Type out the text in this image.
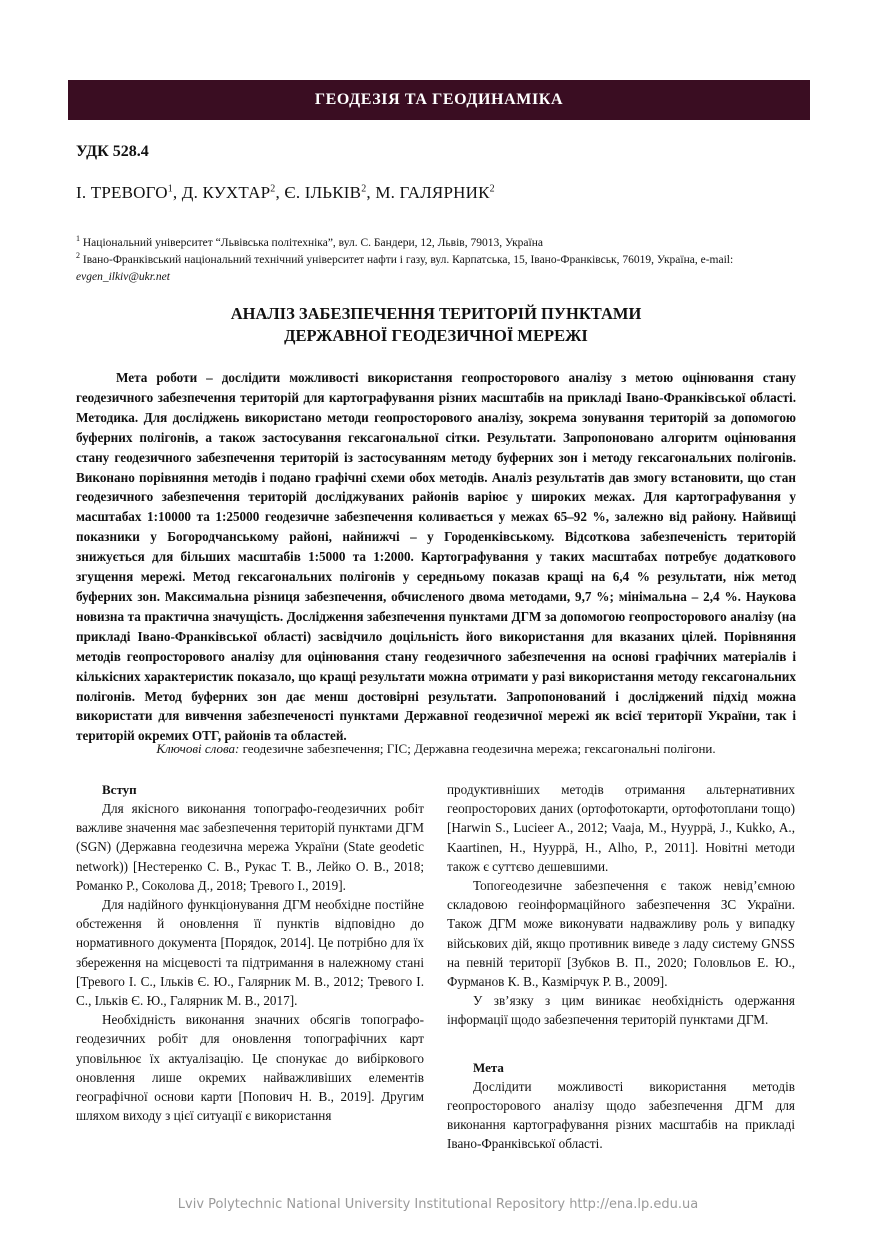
ГЕОДЕЗІЯ ТА ГЕОДИНАМІКА
УДК 528.4
І. ТРЕВОГО$^1$, Д. КУХТАР$^2$, Є. ІЛЬКІВ$^2$, М. ГАЛЯРНИК$^2$
$^1$ Національний університет “Львівська політехніка”, вул. С. Бандери, 12, Львів, 79013, Україна
$^2$ Івано-Франківський національний технічний університет нафти і газу, вул. Карпатська, 15, Івано-Франківськ, 76019, Україна, e-mail: evgen_ilkiv@ukr.net
АНАЛІЗ ЗАБЕЗПЕЧЕННЯ ТЕРИТОРІЙ ПУНКТАМИ
ДЕРЖАВНОЇ ГЕОДЕЗИЧНОЇ МЕРЕЖІ
Мета роботи – дослідити можливості використання геопросторового аналізу з метою оцінювання стану геодезичного забезпечення територій для картографування різних масштабів на прикладі Івано-Франківської області. Методика. Для досліджень використано методи геопросторового аналізу, зокрема зонування територій за допомогою буферних полігонів, а також застосування гексагональної сітки. Результати. Запропоновано алгоритм оцінювання стану геодезичного забезпечення територій із застосуванням методу буферних зон і методу гексагональних полігонів. Виконано порівняння методів і подано графічні схеми обох методів. Аналіз результатів дав змогу встановити, що стан геодезичного забезпечення територій досліджуваних районів варіює у широких межах. Для картографування у масштабах 1:10000 та 1:25000 геодезичне забезпечення коливається у межах 65–92 %, залежно від району. Найвищі показники у Богородчанському районі, найнижчі – у Городенківському. Відсоткова забезпеченість територій знижується для більших масштабів 1:5000 та 1:2000. Картографування у таких масштабах потребує додаткового згущення мережі. Метод гексагональних полігонів у середньому показав кращі на 6,4 % результати, ніж метод буферних зон. Максимальна різниця забезпечення, обчисленого двома методами, 9,7 %; мінімальна – 2,4 %. Наукова новизна та практична значущість. Дослідження забезпечення пунктами ДГМ за допомогою геопросторового аналізу (на прикладі Івано-Франківської області) засвідчило доцільність його використання для вказаних цілей. Порівняння методів геопросторового аналізу для оцінювання стану геодезичного забезпечення на основі графічних матеріалів і кількісних характеристик показало, що кращі результати можна отримати у разі використання методу гексагональних полігонів. Метод буферних зон дає менш достовірні результати. Запропонований і досліджений підхід можна використати для вивчення забезпеченості пунктами Державної геодезичної мережі як всієї території України, так і територій окремих ОТГ, районів та областей.
Ключові слова: геодезичне забезпечення; ГІС; Державна геодезична мережа; гексагональні полігони.
Вступ

Для якісного виконання топографо-геодезичних робіт важливе значення має забезпечення територій пунктами ДГМ (SGN) (Державна геодезична мережа України (State geodetic network)) [Нестеренко С. В., Рукас Т. В., Лейко О. В., 2018; Романко Р., Соколова Д., 2018; Тревого І., 2019].

Для надійного функціонування ДГМ необхідне постійне обстеження й оновлення її пунктів відповідно до нормативного документа [Порядок, 2014]. Це потрібно для їх збереження на місцевості та підтримання в належному стані [Тревого І. С., Ільків Є. Ю., Галярник М. В., 2012; Тревого І. С., Ільків Є. Ю., Галярник М. В., 2017].

Необхідність виконання значних обсягів топографо-геодезичних робіт для оновлення топографічних карт уповільнює їх актуалізацію. Це спонукає до вибіркового оновлення лише окремих найважливіших елементів географічної основи карти [Попович Н. В., 2019]. Другим шляхом виходу з цієї ситуації є використання

продуктивніших методів отримання альтернативних геопросторових даних (ортофотокарти, ортофотоплани тощо) [Harwin S., Lucieer A., 2012; Vaaja, M., Hyyppä, J., Kukko, A., Kaartinen, H., Hyyppä, H., Alho, P., 2011]. Новітні методи також є суттєво дешевшими.

Топогеодезичне забезпечення є також невід’ємною складовою геоінформаційного забезпечення ЗС України. Також ДГМ може виконувати надважливу роль у випадку військових дій, якщо противник виведе з ладу систему GNSS на певній території [Зубков В. П., 2020; Головльов Е. Ю., Фурманов К. В., Казмірчук Р. В., 2009].

У зв’язку з цим виникає необхідність одержання інформації щодо забезпечення територій пунктами ДГМ.

Мета

Дослідити можливості використання методів геопросторового аналізу щодо забезпечення ДГМ для виконання картографування різних масштабів на прикладі Івано-Франківської області.

Lviv Polytechnic National University Institutional Repository http://ena.lp.edu.ua
